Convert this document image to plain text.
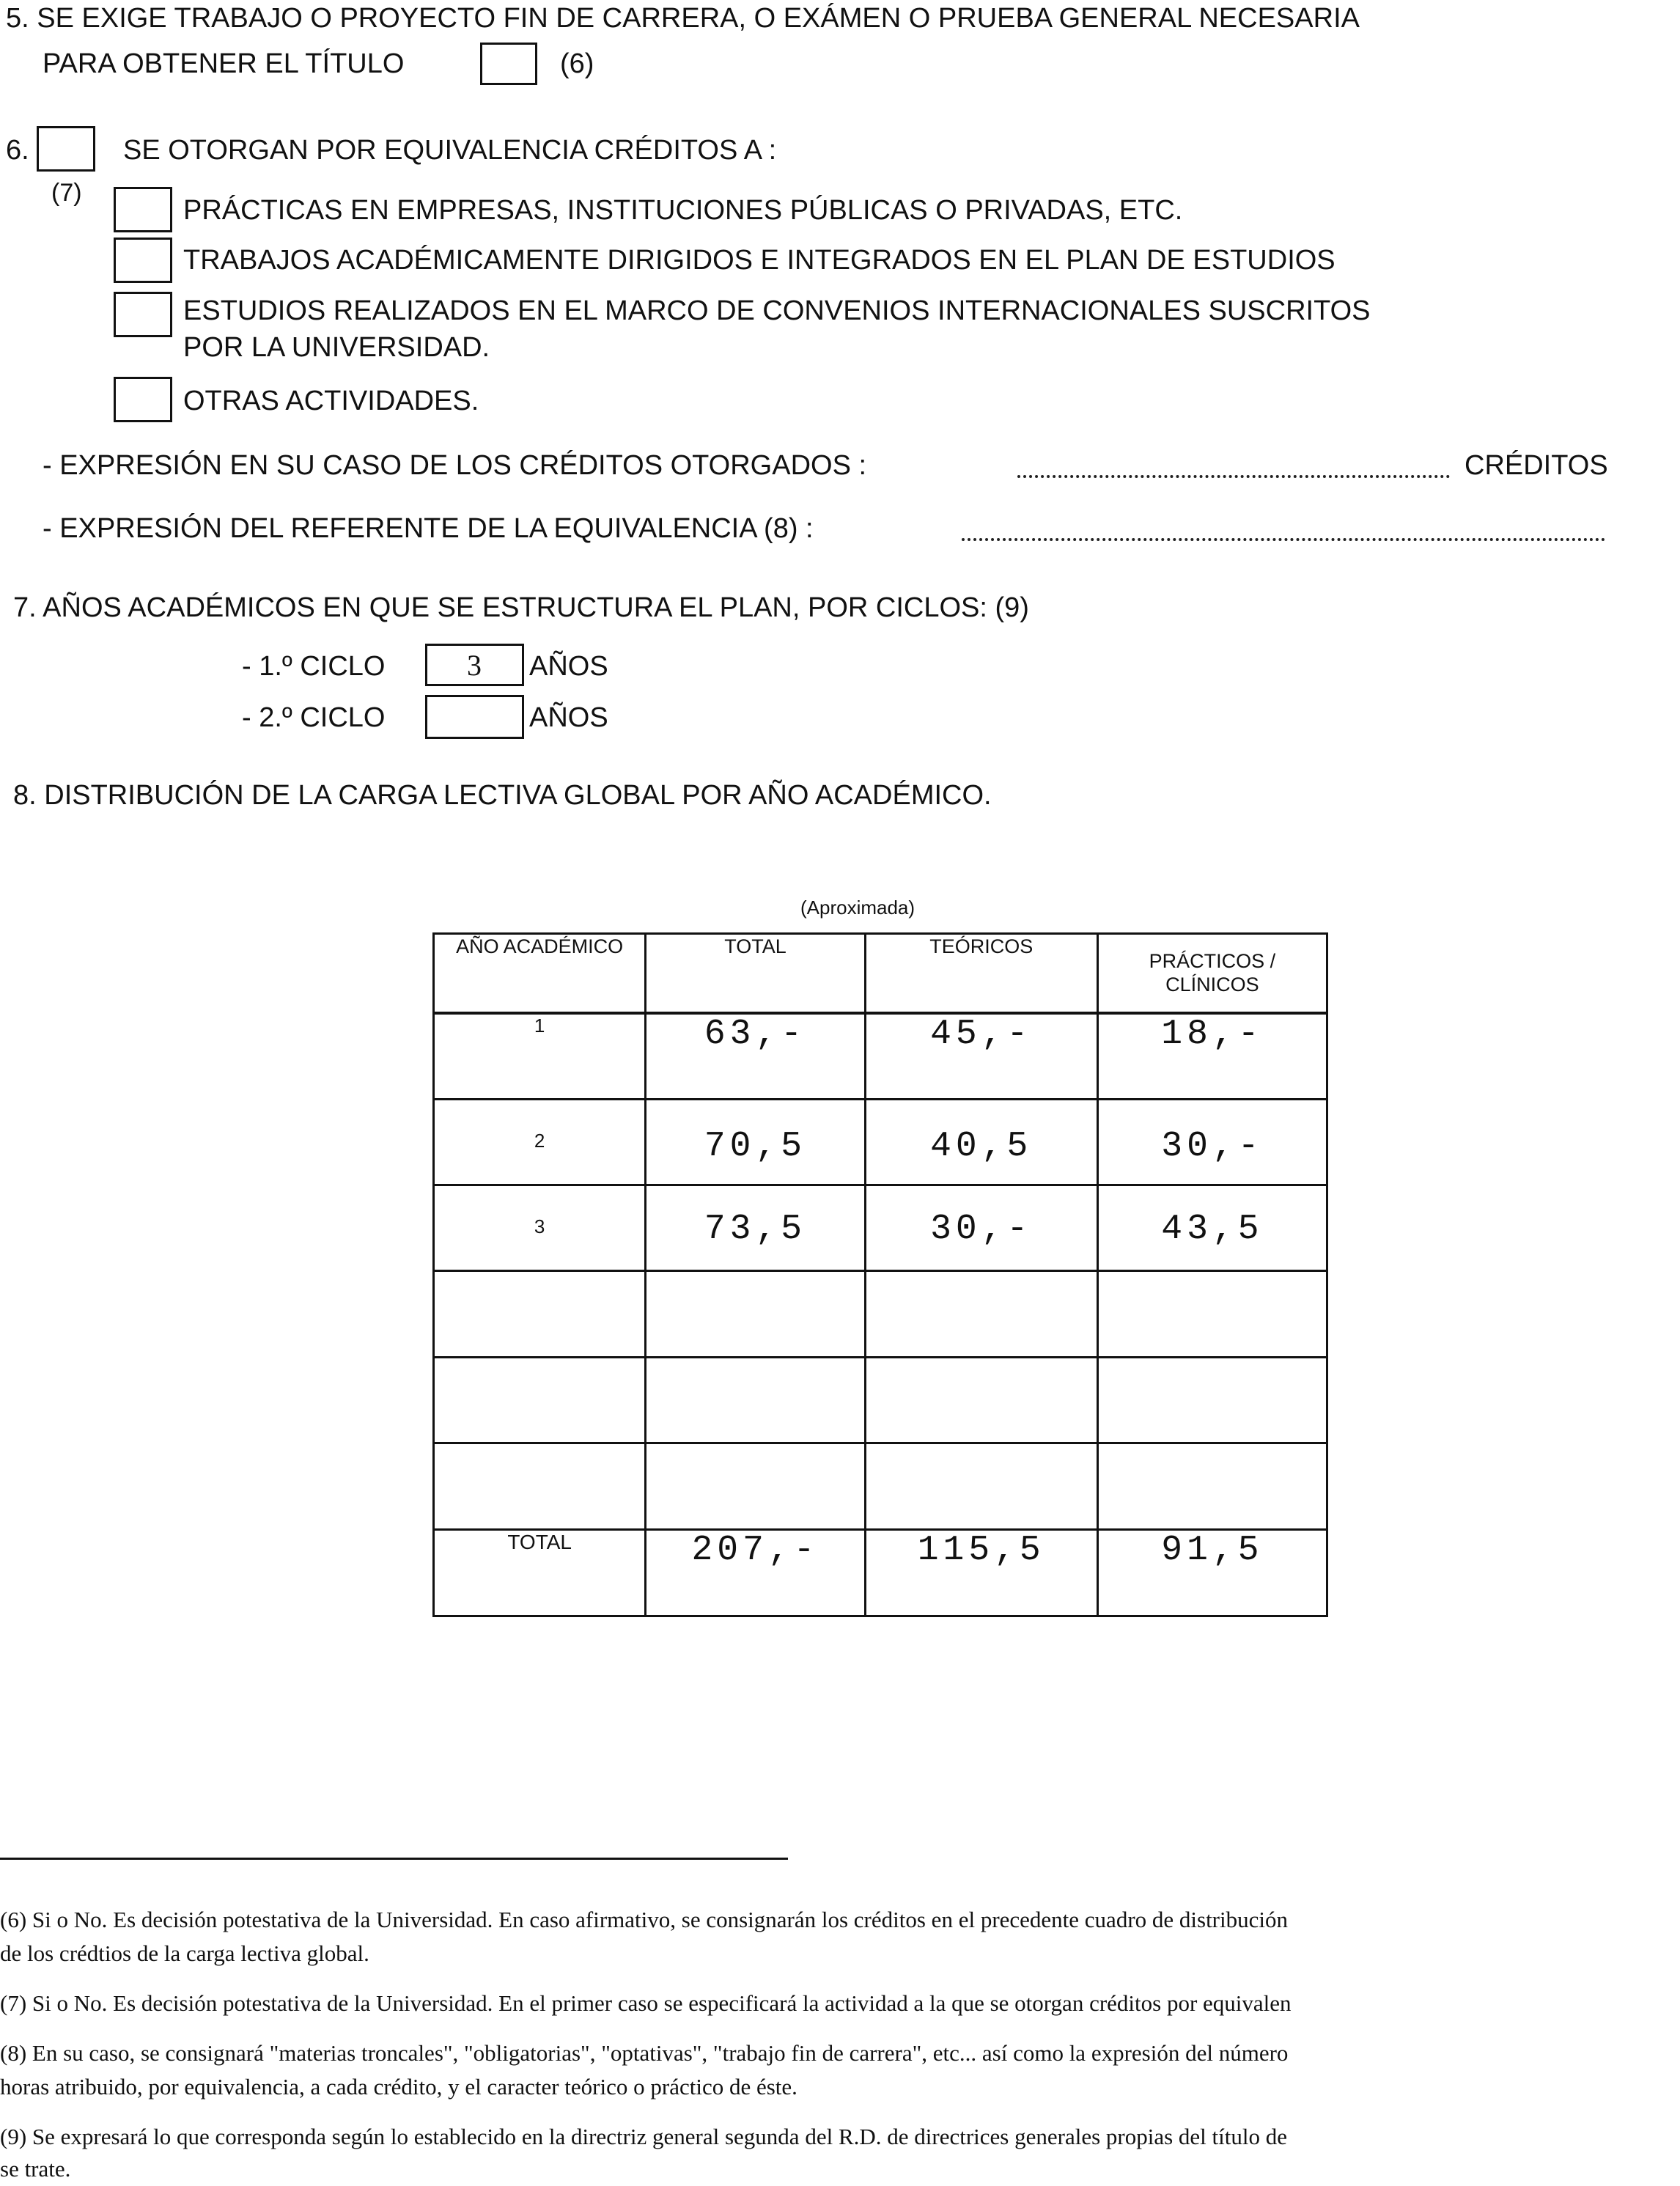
5. SE EXIGE TRABAJO O PROYECTO FIN DE CARRERA, O EXÁMEN O PRUEBA GENERAL NECESARIA
PARA OBTENER EL TÍTULO	(6)
6.	SE OTORGAN POR EQUIVALENCIA CRÉDITOS A :
(7)
PRÁCTICAS EN EMPRESAS, INSTITUCIONES PÚBLICAS O PRIVADAS, ETC.
TRABAJOS ACADÉMICAMENTE DIRIGIDOS E INTEGRADOS EN EL PLAN DE ESTUDIOS
ESTUDIOS REALIZADOS EN EL MARCO DE CONVENIOS INTERNACIONALES SUSCRITOS
POR LA UNIVERSIDAD.
OTRAS ACTIVIDADES.
- EXPRESIÓN EN SU CASO DE LOS CRÉDITOS OTORGADOS :	CRÉDITOS
- EXPRESIÓN DEL REFERENTE DE LA EQUIVALENCIA (8) :
7. AÑOS ACADÉMICOS EN QUE SE ESTRUCTURA EL PLAN, POR CICLOS: (9)
- 1.º CICLO	3 AÑOS
- 2.º CICLO	AÑOS
8. DISTRIBUCIÓN DE LA CARGA LECTIVA GLOBAL POR AÑO ACADÉMICO.
(Aproximada)
AÑO ACADÉMICO	TOTAL	TEÓRICOS	PRÁCTICOS /
CLÍNICOS
1	63,-	45,-	18,-
2	70,5	40,5	30,-
3	73,5	30,-	43,5

TOTAL	207,-	115,5	91,5
(6) Si o No. Es decisión potestativa de la Universidad. En caso afirmativo, se consignarán los créditos en el precedente cuadro de distribución
de los crédtios de la carga lectiva global.
(7) Si o No. Es decisión potestativa de la Universidad. En el primer caso se especificará la actividad a la que se otorgan créditos por equivalen
(8) En su caso, se consignará "materias troncales", "obligatorias", "optativas", "trabajo fin de carrera", etc... así como la expresión del número
horas atribuido, por equivalencia, a cada crédito, y el caracter teórico o práctico de éste.
(9) Se expresará lo que corresponda según lo establecido en la directriz general segunda del R.D. de directrices generales propias del título de
se trate.
